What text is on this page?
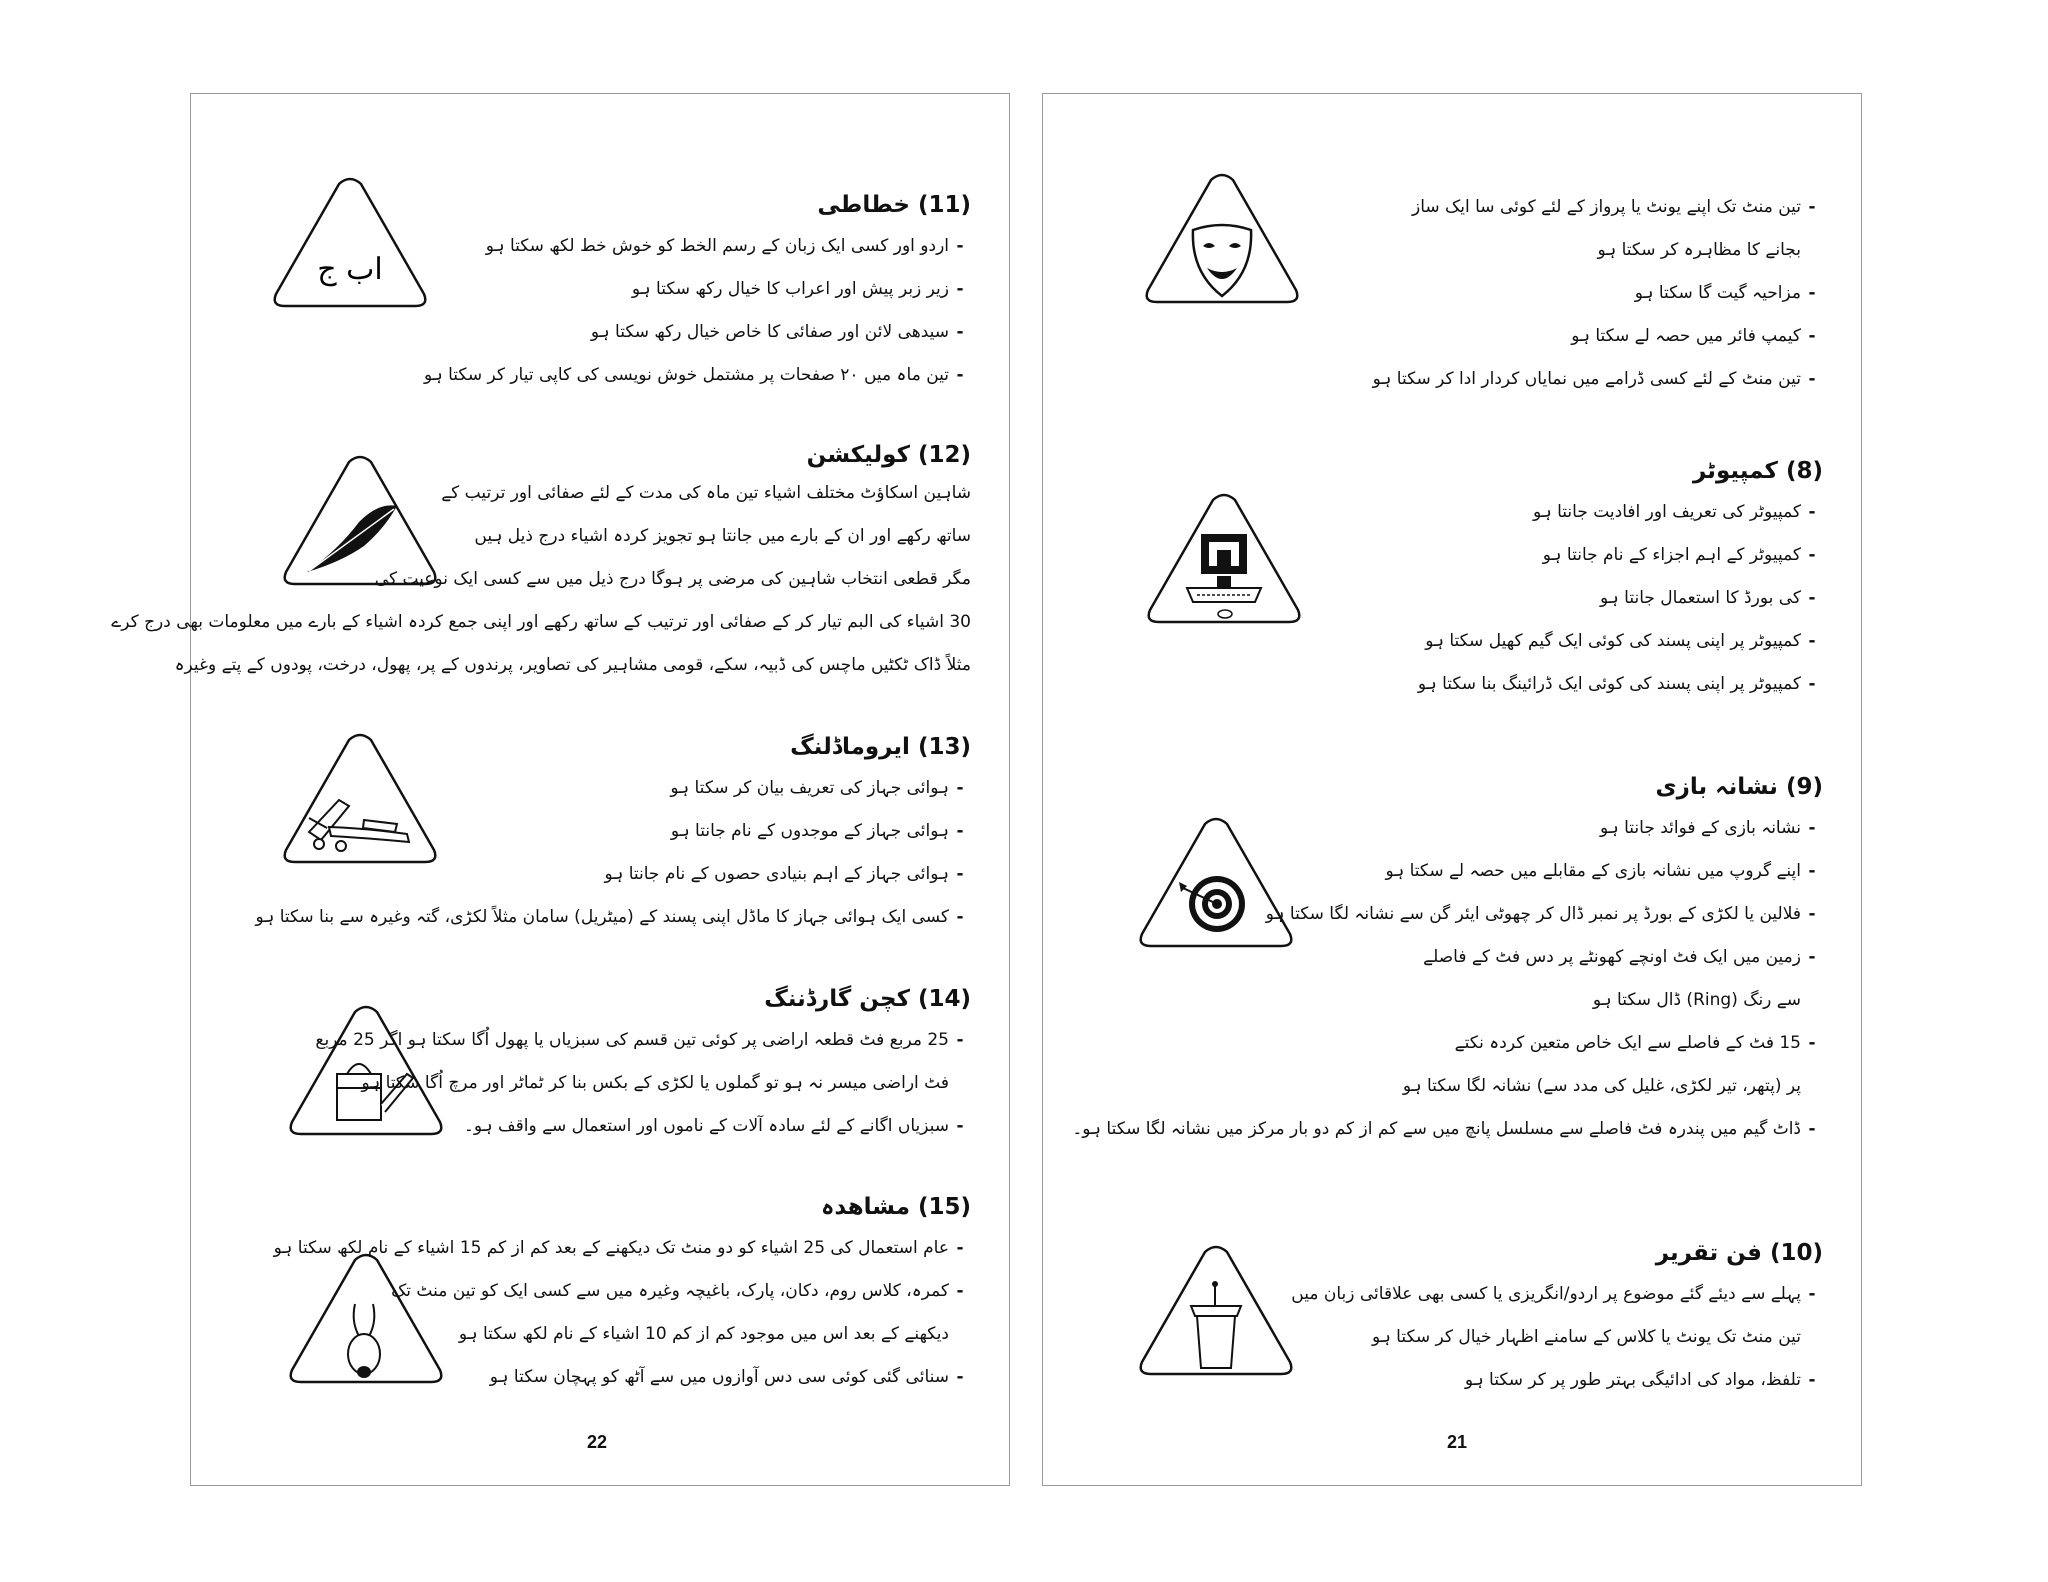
اب ج
(11) خطاطی
-اردو اور کسی ایک زبان کے رسم الخط کو خوش خط لکھ سکتا ہو
-زیر زبر پیش اور اعراب کا خیال رکھ سکتا ہو
-سیدھی لائن اور صفائی کا خاص خیال رکھ سکتا ہو
-تین ماہ میں ۲۰ صفحات پر مشتمل خوش نویسی کی کاپی تیار کر سکتا ہو
(12) کولیکشن
شاہین اسکاؤٹ مختلف اشیاء تین ماہ کی مدت کے لئے صفائی اور ترتیب کے
ساتھ رکھے اور ان کے بارے میں جانتا ہو تجویز کردہ اشیاء درج ذیل ہیں
مگر قطعی انتخاب شاہین کی مرضی پر ہوگا درج ذیل میں سے کسی ایک نوعیت کی
30 اشیاء کی البم تیار کر کے صفائی اور ترتیب کے ساتھ رکھے اور اپنی جمع کردہ اشیاء کے بارے میں معلومات بھی درج کرے
مثلاً ڈاک ٹکٹیں ماچس کی ڈبیہ، سکے، قومی مشاہیر کی تصاویر، پرندوں کے پر، پھول، درخت، پودوں کے پتے وغیرہ
(13) ایروماڈلنگ
-ہوائی جہاز کی تعریف بیان کر سکتا ہو
-ہوائی جہاز کے موجدوں کے نام جانتا ہو
-ہوائی جہاز کے اہم بنیادی حصوں کے نام جانتا ہو
-کسی ایک ہوائی جہاز کا ماڈل اپنی پسند کے (میٹریل) سامان مثلاً لکڑی، گتہ وغیرہ سے بنا سکتا ہو
(14) کچن گارڈننگ
-25 مربع فٹ قطعہ اراضی پر کوئی تین قسم کی سبزیاں یا پھول اُگا سکتا ہو اگر 25 مربع
فٹ اراضی میسر نہ ہو تو گملوں یا لکڑی کے بکس بنا کر ٹماٹر اور مرچ اُگا سکتا ہو
-سبزیاں اگانے کے لئے سادہ آلات کے ناموں اور استعمال سے واقف ہو۔
(15) مشاھدہ
-عام استعمال کی 25 اشیاء کو دو منٹ تک دیکھنے کے بعد کم از کم 15 اشیاء کے نام لکھ سکتا ہو
-کمرہ، کلاس روم، دکان، پارک، باغیچہ وغیرہ میں سے کسی ایک کو تین منٹ تک
دیکھنے کے بعد اس میں موجود کم از کم 10 اشیاء کے نام لکھ سکتا ہو
-سنائی گئی کوئی سی دس آوازوں میں سے آٹھ کو پہچان سکتا ہو
22
-تین منٹ تک اپنے یونٹ یا پرواز کے لئے کوئی سا ایک ساز
بجانے کا مظاہرہ کر سکتا ہو
-مزاحیہ گیت گا سکتا ہو
-کیمپ فائر میں حصہ لے سکتا ہو
-تین منٹ کے لئے کسی ڈرامے میں نمایاں کردار ادا کر سکتا ہو
(8) کمپیوٹر
-کمپیوٹر کی تعریف اور افادیت جانتا ہو
-کمپیوٹر کے اہم اجزاء کے نام جانتا ہو
-کی بورڈ کا استعمال جانتا ہو
-کمپیوٹر پر اپنی پسند کی کوئی ایک گیم کھیل سکتا ہو
-کمپیوٹر پر اپنی پسند کی کوئی ایک ڈرائینگ بنا سکتا ہو
(9) نشانہ بازی
-نشانہ بازی کے فوائد جانتا ہو
-اپنے گروپ میں نشانہ بازی کے مقابلے میں حصہ لے سکتا ہو
-فلالین یا لکڑی کے بورڈ پر نمبر ڈال کر چھوٹی ایئر گن سے نشانہ لگا سکتا ہو
-زمین میں ایک فٹ اونچے کھونٹے پر دس فٹ کے فاصلے
سے رنگ (Ring) ڈال سکتا ہو
-15 فٹ کے فاصلے سے ایک خاص متعین کردہ نکتے
پر (پتھر، تیر لکڑی، غلیل کی مدد سے) نشانہ لگا سکتا ہو
-ڈاٹ گیم میں پندرہ فٹ فاصلے سے مسلسل پانچ میں سے کم از کم دو بار مرکز میں نشانہ لگا سکتا ہو۔
(10) فن تقریر
-پہلے سے دیئے گئے موضوع پر اردو/انگریزی یا کسی بھی علاقائی زبان میں
تین منٹ تک یونٹ یا کلاس کے سامنے اظہار خیال کر سکتا ہو
-تلفظ، مواد کی ادائیگی بہتر طور پر کر سکتا ہو
21
